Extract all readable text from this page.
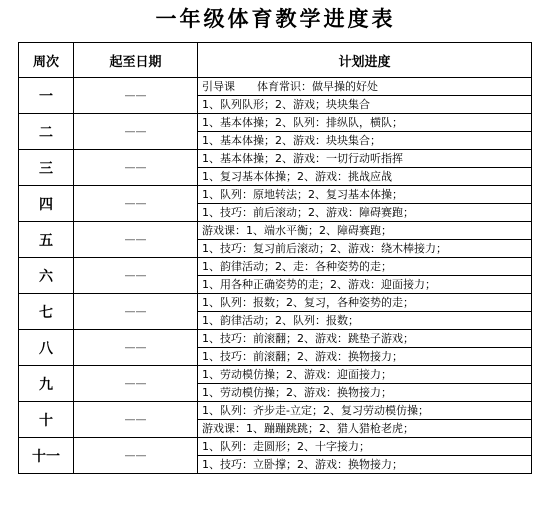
一年级体育教学进度表
周次	起至日期	计划进度
一	——	引导课　　体育常识：做早操的好处
		1、队列队形；2、游戏；块块集合
二	——	1、基本体操；2、队列：排纵队，横队；
		1、基本体操；2、游戏：块块集合；
三	——	1、基本体操；2、游戏：一切行动听指挥
		1、复习基本体操；2、游戏：挑战应战
四	——	1、队列：原地转法；2、复习基本体操；
		1、技巧：前后滚动；2、游戏：障碍赛跑；
五	——	游戏课：1、端水平衡；2、障碍赛跑；
		1、技巧：复习前后滚动；2、游戏：绕木棒接力；
六	——	1、韵律活动；2、走：各种姿势的走；
		1、用各种正确姿势的走；2、游戏：迎面接力；
七	——	1、队列：报数；2、复习，各种姿势的走；
		1、韵律活动；2、队列：报数；
八	——	1、技巧：前滚翻；2、游戏：跳垫子游戏；
		1、技巧：前滚翻；2、游戏：换物接力；
九	——	1、劳动模仿操；2、游戏：迎面接力；
		1、劳动模仿操；2、游戏：换物接力；
十	——	1、队列：齐步走-立定；2、复习劳动模仿操；
		游戏课：1、蹦蹦跳跳；2、猎人猎枪老虎；
十一	——	1、队列：走圆形；2、十字接力；
		1、技巧：立卧撑；2、游戏：换物接力；
